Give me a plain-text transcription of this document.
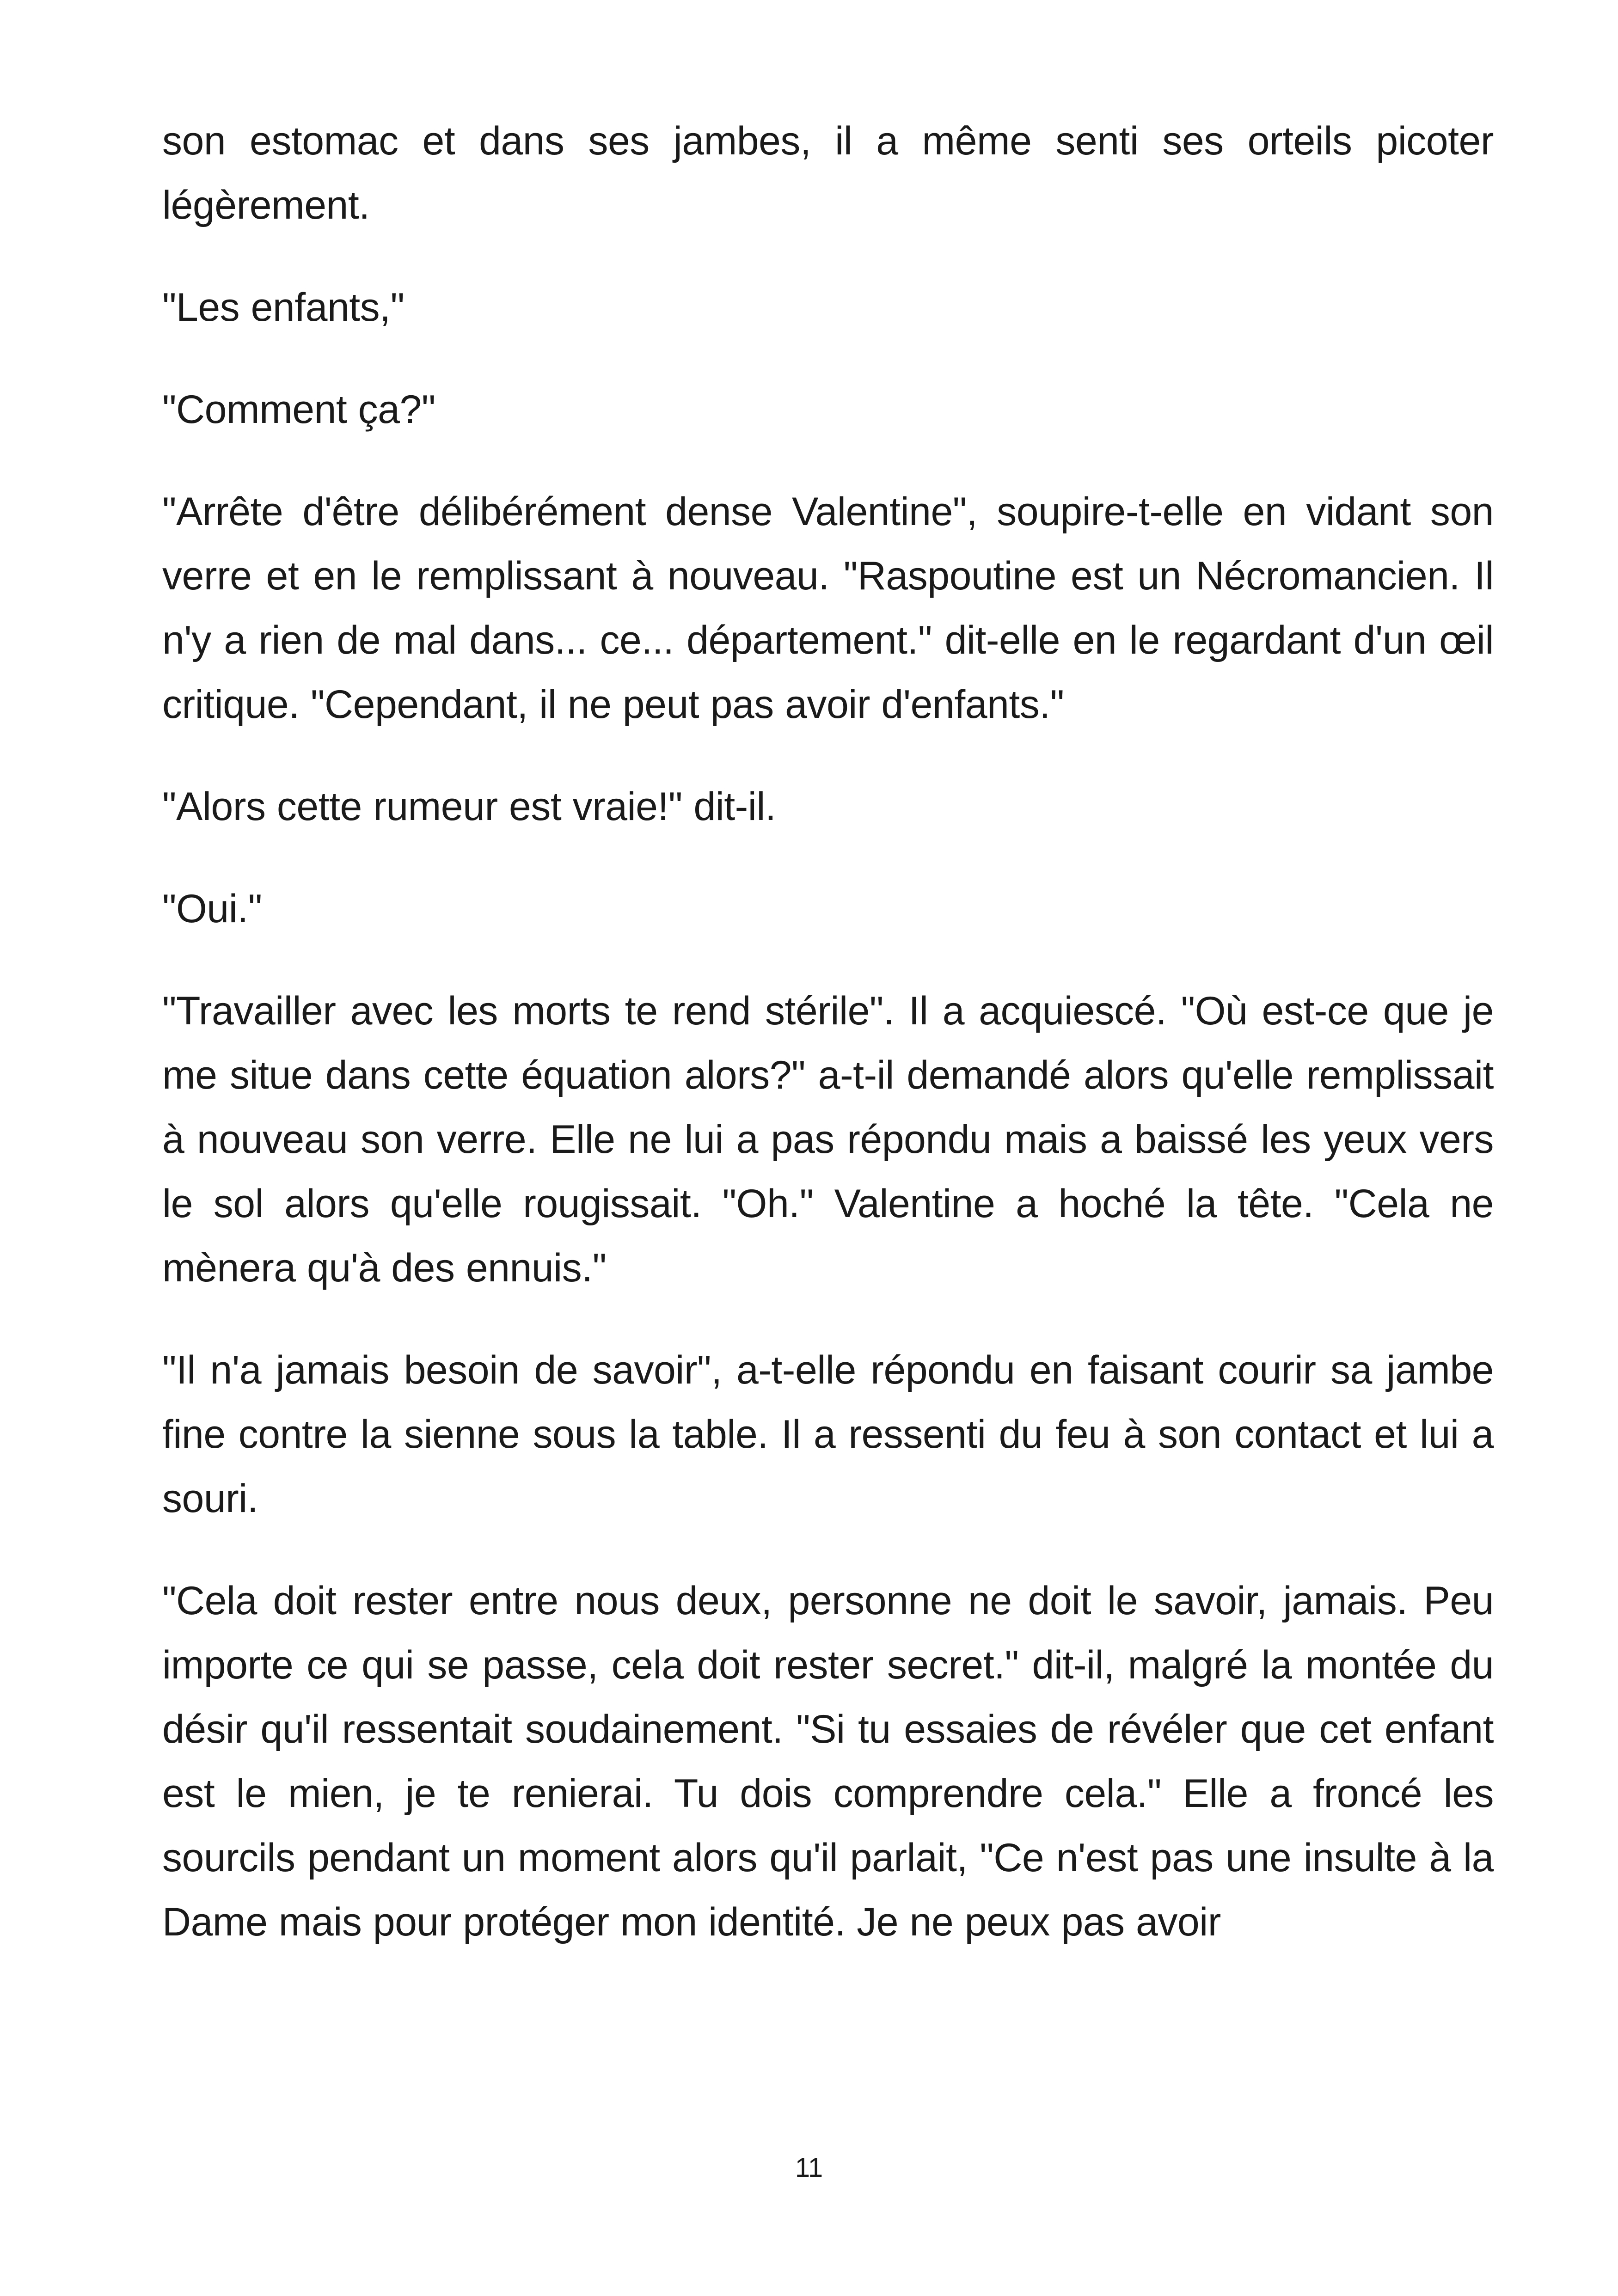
son estomac et dans ses jambes, il a même senti ses orteils picoter légèrement.

"Les enfants,"

"Comment ça?"

"Arrête d'être délibérément dense Valentine", soupire-t-elle en vidant son verre et en le remplissant à nouveau. "Raspoutine est un Nécromancien. Il n'y a rien de mal dans... ce... département." dit-elle en le regardant d'un œil critique. "Cependant, il ne peut pas avoir d'enfants."

"Alors cette rumeur est vraie!" dit-il.

"Oui."

"Travailler avec les morts te rend stérile". Il a acquiescé. "Où est-ce que je me situe dans cette équation alors?" a-t-il demandé alors qu'elle remplissait à nouveau son verre. Elle ne lui a pas répondu mais a baissé les yeux vers le sol alors qu'elle rougissait. "Oh." Valentine a hoché la tête. "Cela ne mènera qu'à des ennuis."

"Il n'a jamais besoin de savoir", a-t-elle répondu en faisant courir sa jambe fine contre la sienne sous la table. Il a ressenti du feu à son contact et lui a souri.

"Cela doit rester entre nous deux, personne ne doit le savoir, jamais. Peu importe ce qui se passe, cela doit rester secret." dit-il, malgré la montée du désir qu'il ressentait soudainement. "Si tu essaies de révéler que cet enfant est le mien, je te renierai. Tu dois comprendre cela." Elle a froncé les sourcils pendant un moment alors qu'il parlait, "Ce n'est pas une insulte à la Dame mais pour protéger mon identité. Je ne peux pas avoir

11
